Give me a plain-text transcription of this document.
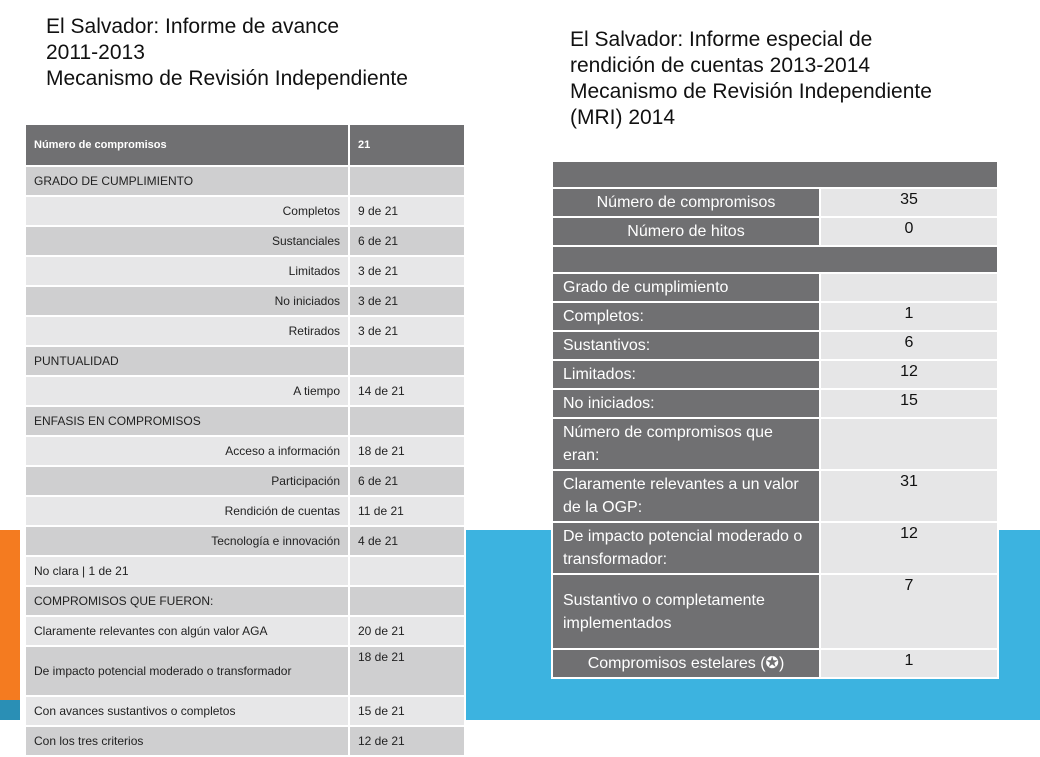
El Salvador: Informe de avance
2011-2013
Mecanismo de Revisión Independiente
El Salvador: Informe especial de
rendición de cuentas 2013-2014
Mecanismo de Revisión Independiente
(MRI) 2014
Número de compromisos	21
GRADO DE CUMPLIMIENTO	
Completos	9 de 21
Sustanciales	6 de 21
Limitados	3 de 21
No iniciados	3 de 21
Retirados	3 de 21
PUNTUALIDAD	
A tiempo	14 de 21
ENFASIS EN COMPROMISOS	
Acceso a información	18 de 21
Participación	6 de 21
Rendición de cuentas	11 de 21
Tecnología e innovación	4 de 21
No clara | 1 de 21	
COMPROMISOS QUE FUERON:	
Claramente relevantes con algún valor AGA	20 de 21
De impacto potencial moderado o transformador	18 de 21
Con avances sustantivos o completos	15 de 21
Con los tres criterios	12 de 21

Número de compromisos	35
Número de hitos	0

Grado de cumplimiento	
Completos:	1
Sustantivos:	6
Limitados:	12
No iniciados:	15
Número de compromisos que eran:	
Claramente relevantes a un valor de la OGP:	31
De impacto potencial moderado o transformador:	12
Sustantivo o completamente implementados	7
Compromisos estelares (✪)	1
